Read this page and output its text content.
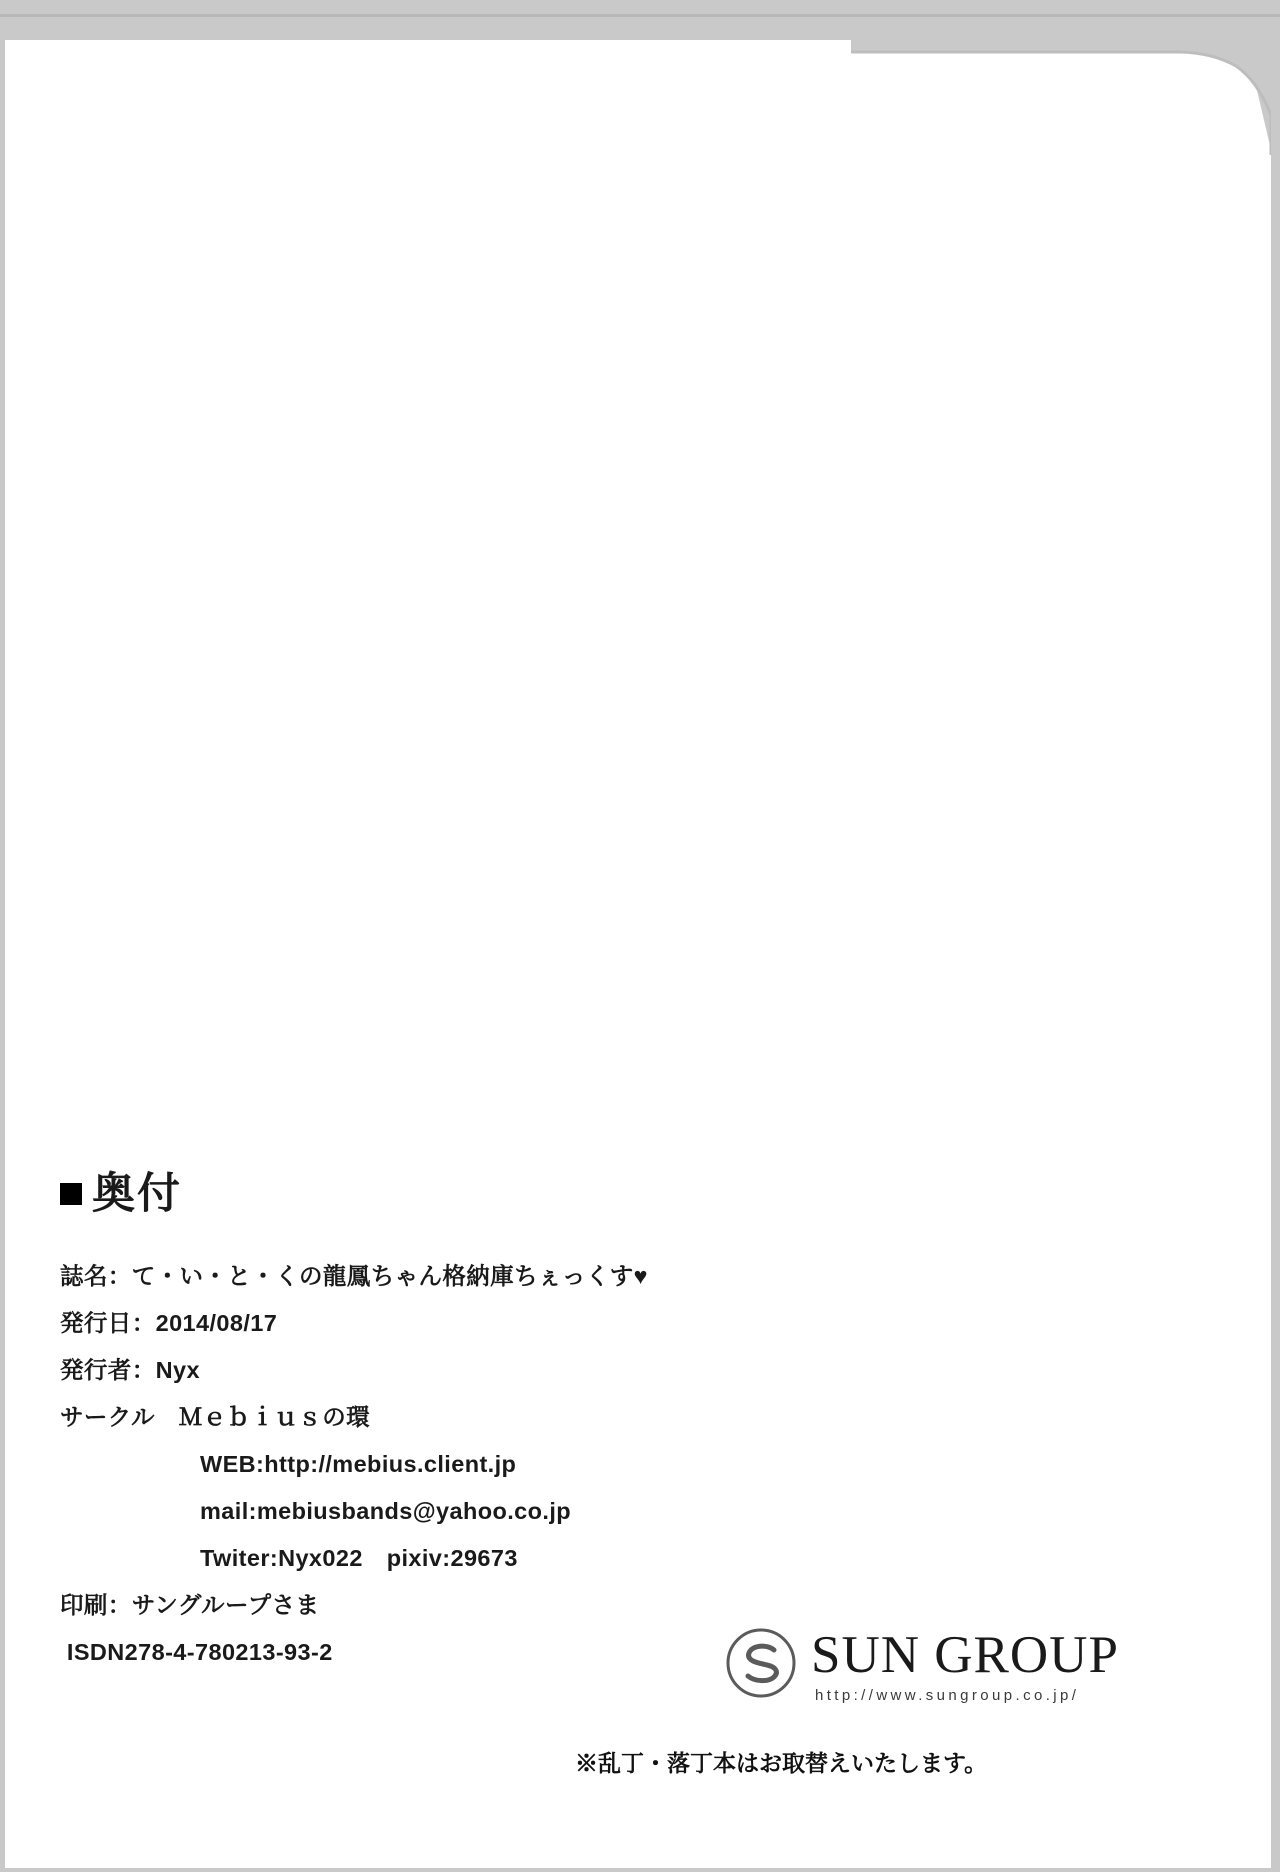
奥付
誌名：て・い・と・くの龍鳳ちゃん格納庫ちぇっくす♥
発行日：2014/08/17
発行者：Nyx
サークル　Ｍｅｂｉｕｓの環
WEB:http://mebius.client.jp
mail:mebiusbands@yahoo.co.jp
Twiter:Nyx022　pixiv:29673
印刷：サングループさま
ISDN278-4-780213-93-2	SUN GROUP
http://www.sungroup.co.jp/
※乱丁・落丁本はお取替えいたします。
